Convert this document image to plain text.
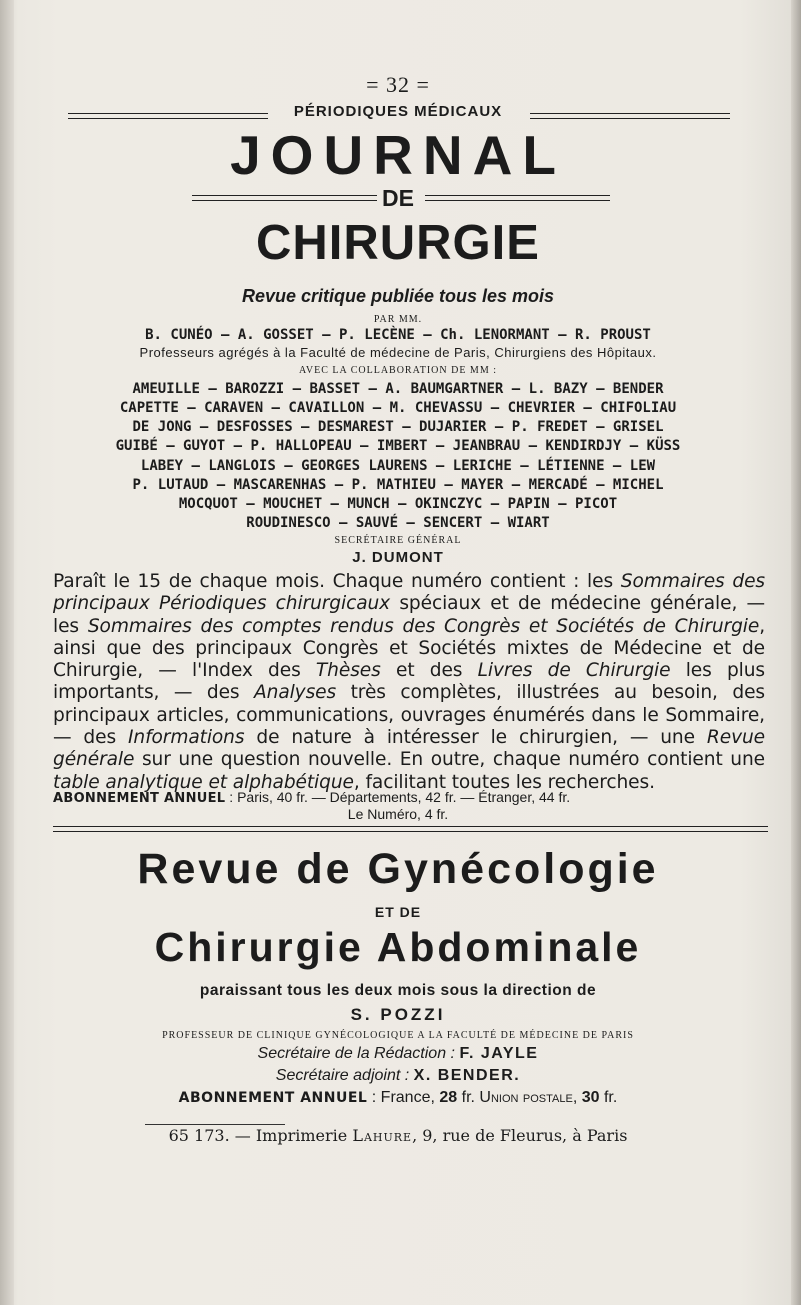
= 32 =
PÉRIODIQUES MÉDICAUX
JOURNAL
DE
CHIRURGIE
Revue critique publiée tous les mois
PAR MM.
B. CUNÉO — A. GOSSET — P. LECÈNE — Ch. LENORMANT — R. PROUST
Professeurs agrégés à la Faculté de médecine de Paris, Chirurgiens des Hôpitaux.
AVEC LA COLLABORATION DE MM :
AMEUILLE — BAROZZI — BASSET — A. BAUMGARTNER — L. BAZY — BENDER
CAPETTE — CARAVEN — CAVAILLON — M. CHEVASSU — CHEVRIER — CHIFOLIAU
DE JONG — DESFOSSES — DESMAREST — DUJARIER — P. FREDET — GRISEL
GUIBÉ — GUYOT — P. HALLOPEAU — IMBERT — JEANBRAU — KENDIRDJY — KÜSS
LABEY — LANGLOIS — GEORGES LAURENS — LERICHE — LÉTIENNE — LEW
P. LUTAUD — MASCARENHAS — P. MATHIEU — MAYER — MERCADÉ — MICHEL
MOCQUOT — MOUCHET — MUNCH — OKINCZYC — PAPIN — PICOT
ROUDINESCO — SAUVÉ — SENCERT — WIART
SECRÉTAIRE GÉNÉRAL
J. DUMONT
Paraît le 15 de chaque mois. Chaque numéro contient : les Sommaires des principaux Périodiques chirurgicaux spéciaux et de médecine générale, — les Sommaires des comptes rendus des Congrès et Sociétés de Chirurgie, ainsi que des principaux Congrès et Sociétés mixtes de Médecine et de Chirurgie, — l'Index des Thèses et des Livres de Chirurgie les plus importants, — des Analyses très complètes, illustrées au besoin, des principaux articles, communications, ouvrages énumérés dans le Sommaire, — des Informations de nature à intéresser le chirurgien, — une Revue générale sur une question nouvelle. En outre, chaque numéro contient une table analytique et alphabétique, facilitant toutes les recherches.
ABONNEMENT ANNUEL : Paris, 40 fr. — Départements, 42 fr. — Étranger, 44 fr.
Le Numéro, 4 fr.
Revue de Gynécologie
ET DE
Chirurgie Abdominale
paraissant tous les deux mois sous la direction de
S. POZZI
PROFESSEUR DE CLINIQUE GYNÉCOLOGIQUE A LA FACULTÉ DE MÉDECINE DE PARIS
Secrétaire de la Rédaction : F. JAYLE
Secrétaire adjoint : X. BENDER.
ABONNEMENT ANNUEL : France, 28 fr. Union postale, 30 fr.
65 173. — Imprimerie Lahure, 9, rue de Fleurus, à Paris
